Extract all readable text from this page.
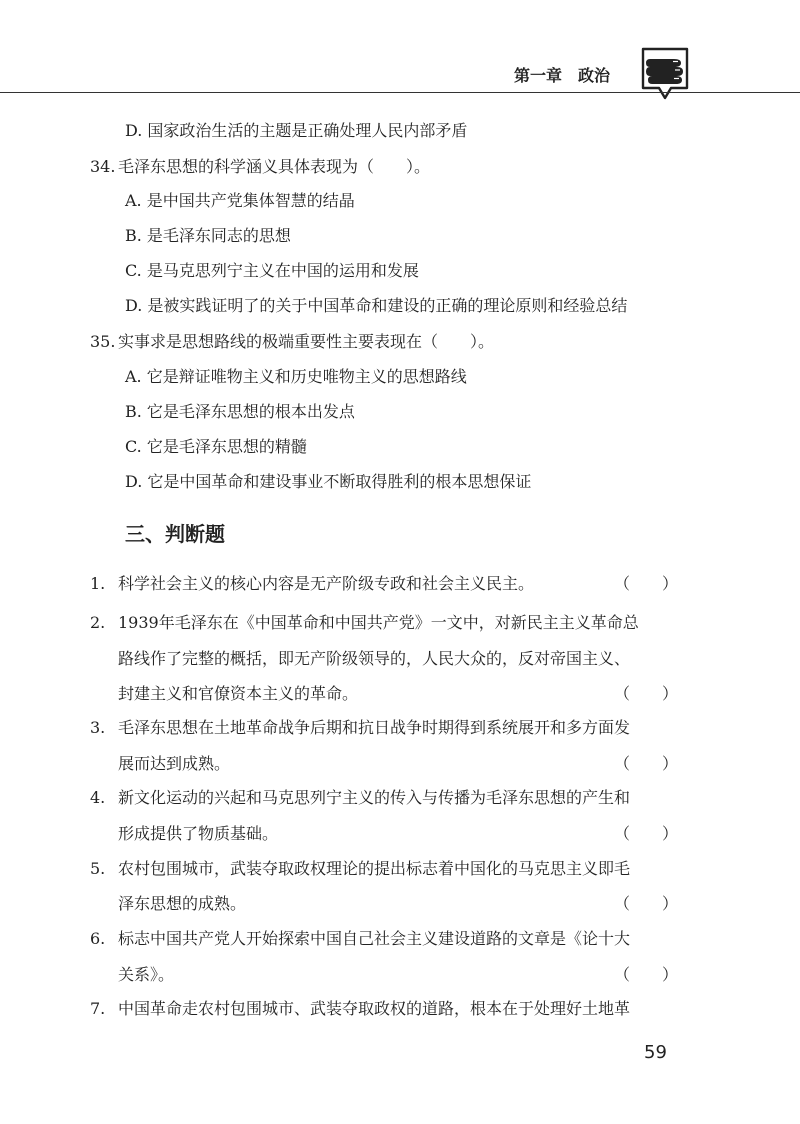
第一章　政治
D. 国家政治生活的主题是正确处理人民内部矛盾
34. 毛泽东思想的科学涵义具体表现为（　　）。
A. 是中国共产党集体智慧的结晶
B. 是毛泽东同志的思想
C. 是马克思列宁主义在中国的运用和发展
D. 是被实践证明了的关于中国革命和建设的正确的理论原则和经验总结
35. 实事求是思想路线的极端重要性主要表现在（　　）。
A. 它是辩证唯物主义和历史唯物主义的思想路线
B. 它是毛泽东思想的根本出发点
C. 它是毛泽东思想的精髓
D. 它是中国革命和建设事业不断取得胜利的根本思想保证
三、判断题
1. 科学社会主义的核心内容是无产阶级专政和社会主义民主。	（　　）
2. 1939年毛泽东在《中国革命和中国共产党》一文中，对新民主主义革命总
路线作了完整的概括，即无产阶级领导的，人民大众的，反对帝国主义、
封建主义和官僚资本主义的革命。	（　　）
3. 毛泽东思想在土地革命战争后期和抗日战争时期得到系统展开和多方面发
展而达到成熟。	（　　）
4. 新文化运动的兴起和马克思列宁主义的传入与传播为毛泽东思想的产生和
形成提供了物质基础。	（　　）
5. 农村包围城市，武装夺取政权理论的提出标志着中国化的马克思主义即毛
泽东思想的成熟。	（　　）
6. 标志中国共产党人开始探索中国自己社会主义建设道路的文章是《论十大
关系》。	（　　）
7. 中国革命走农村包围城市、武装夺取政权的道路，根本在于处理好土地革
59
